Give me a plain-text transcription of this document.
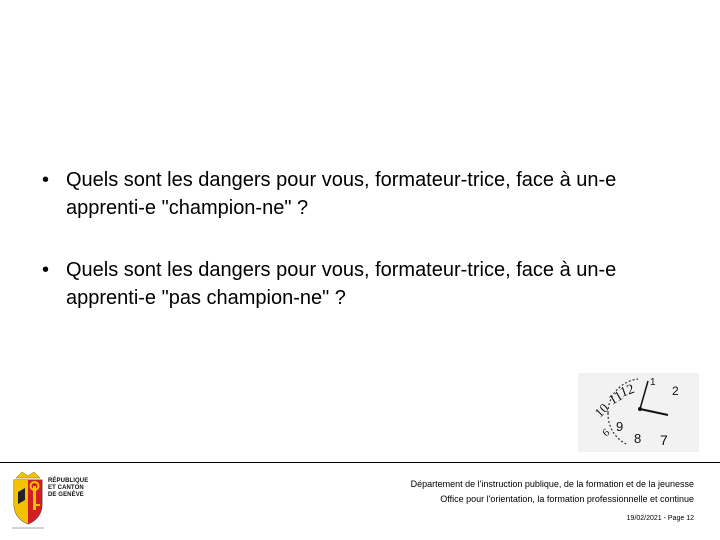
• Quels sont les dangers pour vous, formateur-trice, face à un-e apprenti-e "champion-ne" ?
• Quels sont les dangers pour vous, formateur-trice, face à un-e apprenti-e "pas champion-ne" ?
12 1
2
11
10
9
8 7
6
RÉPUBLIQUE
ET CANTON
DE GENÈVE
Département de l'instruction publique, de la formation et de la jeunesse
Office pour l'orientation, la formation professionnelle et continue
19/02/2021 - Page 12
